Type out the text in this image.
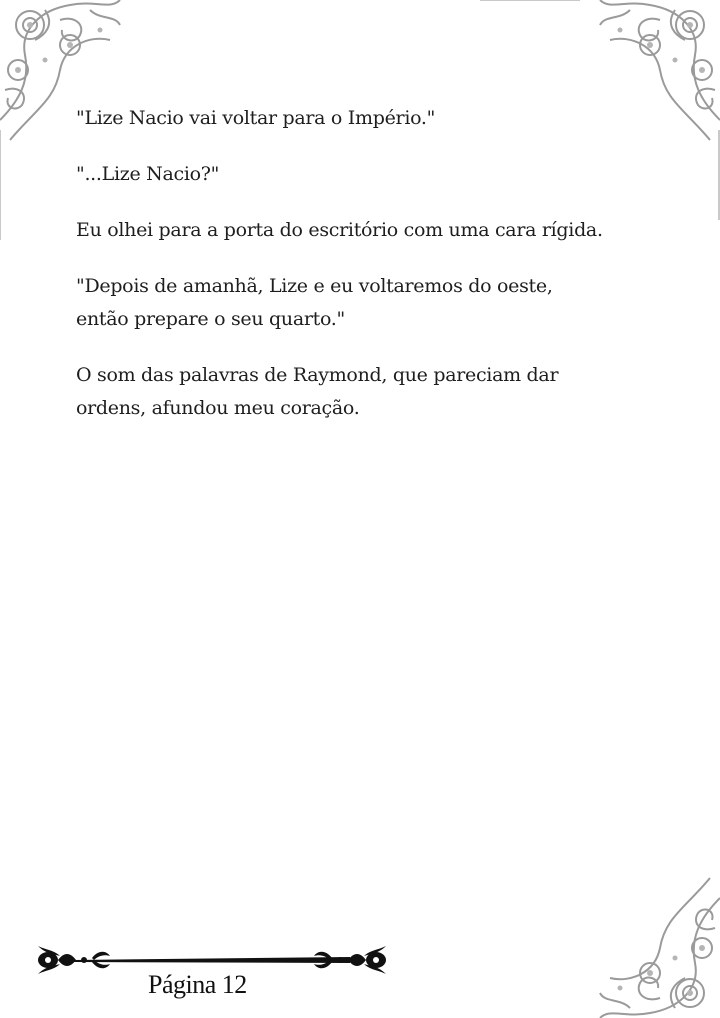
"Lize Nacio vai voltar para o Império."

"...Lize Nacio?"

Eu olhei para a porta do escritório com uma cara rígida.

"Depois de amanhã, Lize e eu voltaremos do oeste,
então prepare o seu quarto."

O som das palavras de Raymond, que pareciam dar
ordens, afundou meu coração.

Página 12
